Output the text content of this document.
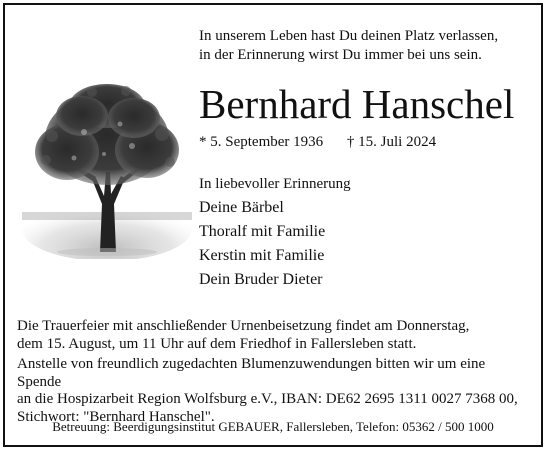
In unserem Leben hast Du deinen Platz verlassen,
in der Erinnerung wirst Du immer bei uns sein.

Bernhard Hanschel
* 5. September 1936 † 15. Juli 2024
In liebevoller Erinnerung
Deine Bärbel
Thoralf mit Familie
Kerstin mit Familie
Dein Bruder Dieter

Die Trauerfeier mit anschließender Urnenbeisetzung findet am Donnerstag,
dem 15. August, um 11 Uhr auf dem Friedhof in Fallersleben statt.

Anstelle von freundlich zugedachten Blumenzuwendungen bitten wir um eine Spende
an die Hospizarbeit Region Wolfsburg e.V., IBAN: DE62 2695 1311 0027 7368 00,
Stichwort: "Bernhard Hanschel".

Betreuung: Beerdigungsinstitut GEBAUER, Fallersleben, Telefon: 05362 / 500 1000
